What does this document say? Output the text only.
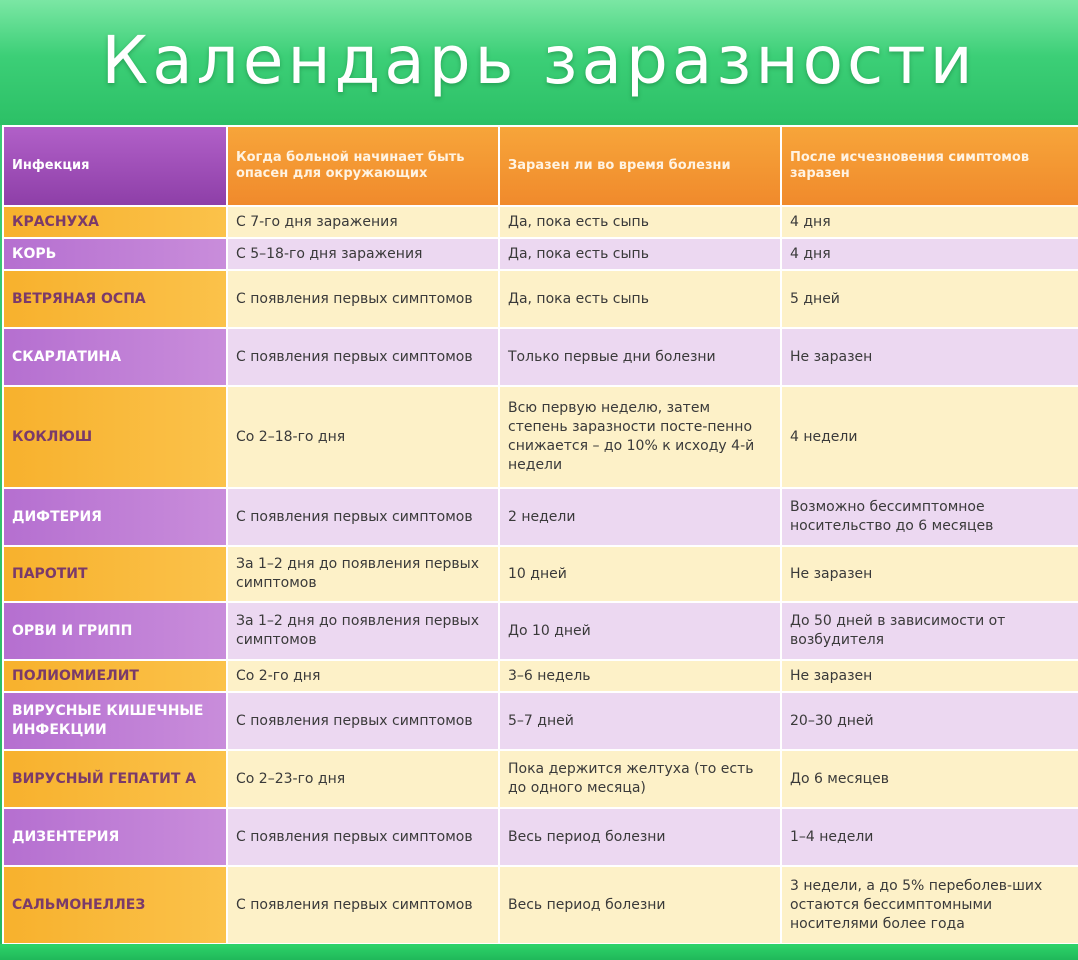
Календарь заразности
Инфекция	Когда больной начинает быть опасен для окружающих	Заразен ли во время болезни	После исчезновения симптомов заразен
КРАСНУХА	С 7-го дня заражения	Да, пока есть сыпь	4 дня
КОРЬ	С 5–18-го дня заражения	Да, пока есть сыпь	4 дня
ВЕТРЯНАЯ ОСПА	С появления первых симптомов	Да, пока есть сыпь	5 дней
СКАРЛАТИНА	С появления первых симптомов	Только первые дни болезни	Не заразен
КОКЛЮШ	Со 2–18-го дня	Всю первую неделю, затем степень заразности посте-пенно снижается – до 10% к исходу 4-й недели	4 недели
ДИФТЕРИЯ	С появления первых симптомов	2 недели	Возможно бессимптомное носительство до 6 месяцев
ПАРОТИТ	За 1–2 дня до появления первых симптомов	10 дней	Не заразен
ОРВИ И ГРИПП	За 1–2 дня до появления первых симптомов	До 10 дней	До 50 дней в зависимости от возбудителя
ПОЛИОМИЕЛИТ	Со 2-го дня	3–6 недель	Не заразен
ВИРУСНЫЕ КИШЕЧНЫЕ ИНФЕКЦИИ	С появления первых симптомов	5–7 дней	20–30 дней
ВИРУСНЫЙ ГЕПАТИТ А	Со 2–23-го дня	Пока держится желтуха (то есть до одного месяца)	До 6 месяцев
ДИЗЕНТЕРИЯ	С появления первых симптомов	Весь период болезни	1–4 недели
САЛЬМОНЕЛЛЕЗ	С появления первых симптомов	Весь период болезни	3 недели, а до 5% переболев-ших остаются бессимптомными носителями более года
